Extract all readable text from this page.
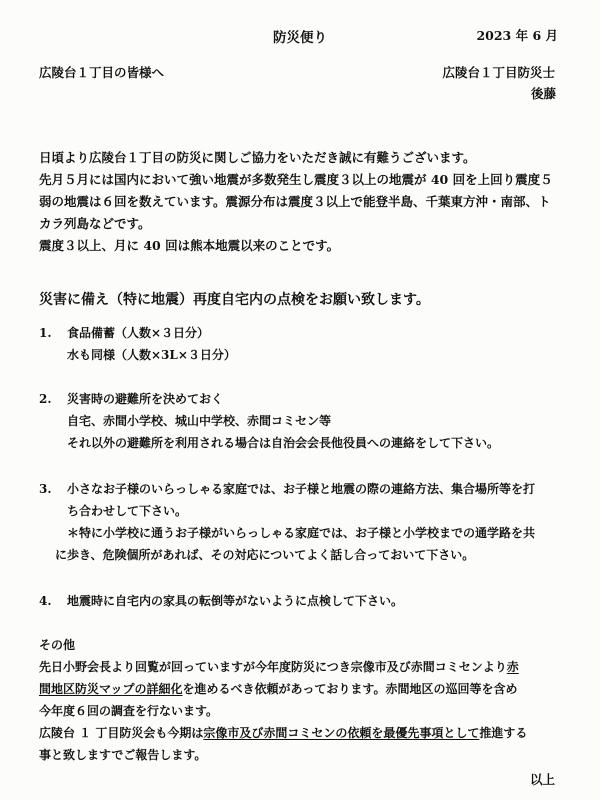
防災便り	2023 年 6 月
広陵台１丁目の皆様へ	広陵台１丁目防災士
後藤

日頃より広陵台１丁目の防災に関しご協力をいただき誠に有難うございます。

先月５月には国内において強い地震が多数発生し震度３以上の地震が 40 回を上回り震度５

弱の地震は６回を数えています。震源分布は震度３以上で能登半島、千葉東方沖・南部、ト

カラ列島などです。

震度３以上、月に 40 回は熊本地震以来のことです。

災害に備え（特に地震）再度自宅内の点検をお願い致します。
1.	食品備蓄（人数×３日分）
水も同様（人数×3L×３日分）
2.	災害時の避難所を決めておく
自宅、赤間小学校、城山中学校、赤間コミセン等
それ以外の避難所を利用される場合は自治会会長他役員への連絡をして下さい。
3.	小さなお子様のいらっしゃる家庭では、お子様と地震の際の連絡方法、集合場所等を打
ち合わせして下さい。
＊特に小学校に通うお子様がいらっしゃる家庭では、お子様と小学校までの通学路を共
に歩き、危険個所があれば、その対応についてよく話し合っておいて下さい。
4.	地震時に自宅内の家具の転倒等がないように点検して下さい。

その他

先日小野会長より回覧が回っていますが今年度防災につき宗像市及び赤間コミセンより赤

間地区防災マップの詳細化を進めるべき依頼があっております。赤間地区の巡回等を含め

今年度６回の調査を行ないます。

広陵台 １ 丁目防災会も今期は宗像市及び赤間コミセンの依頼を最優先事項として推進する

事と致しますでご報告します。

以上
